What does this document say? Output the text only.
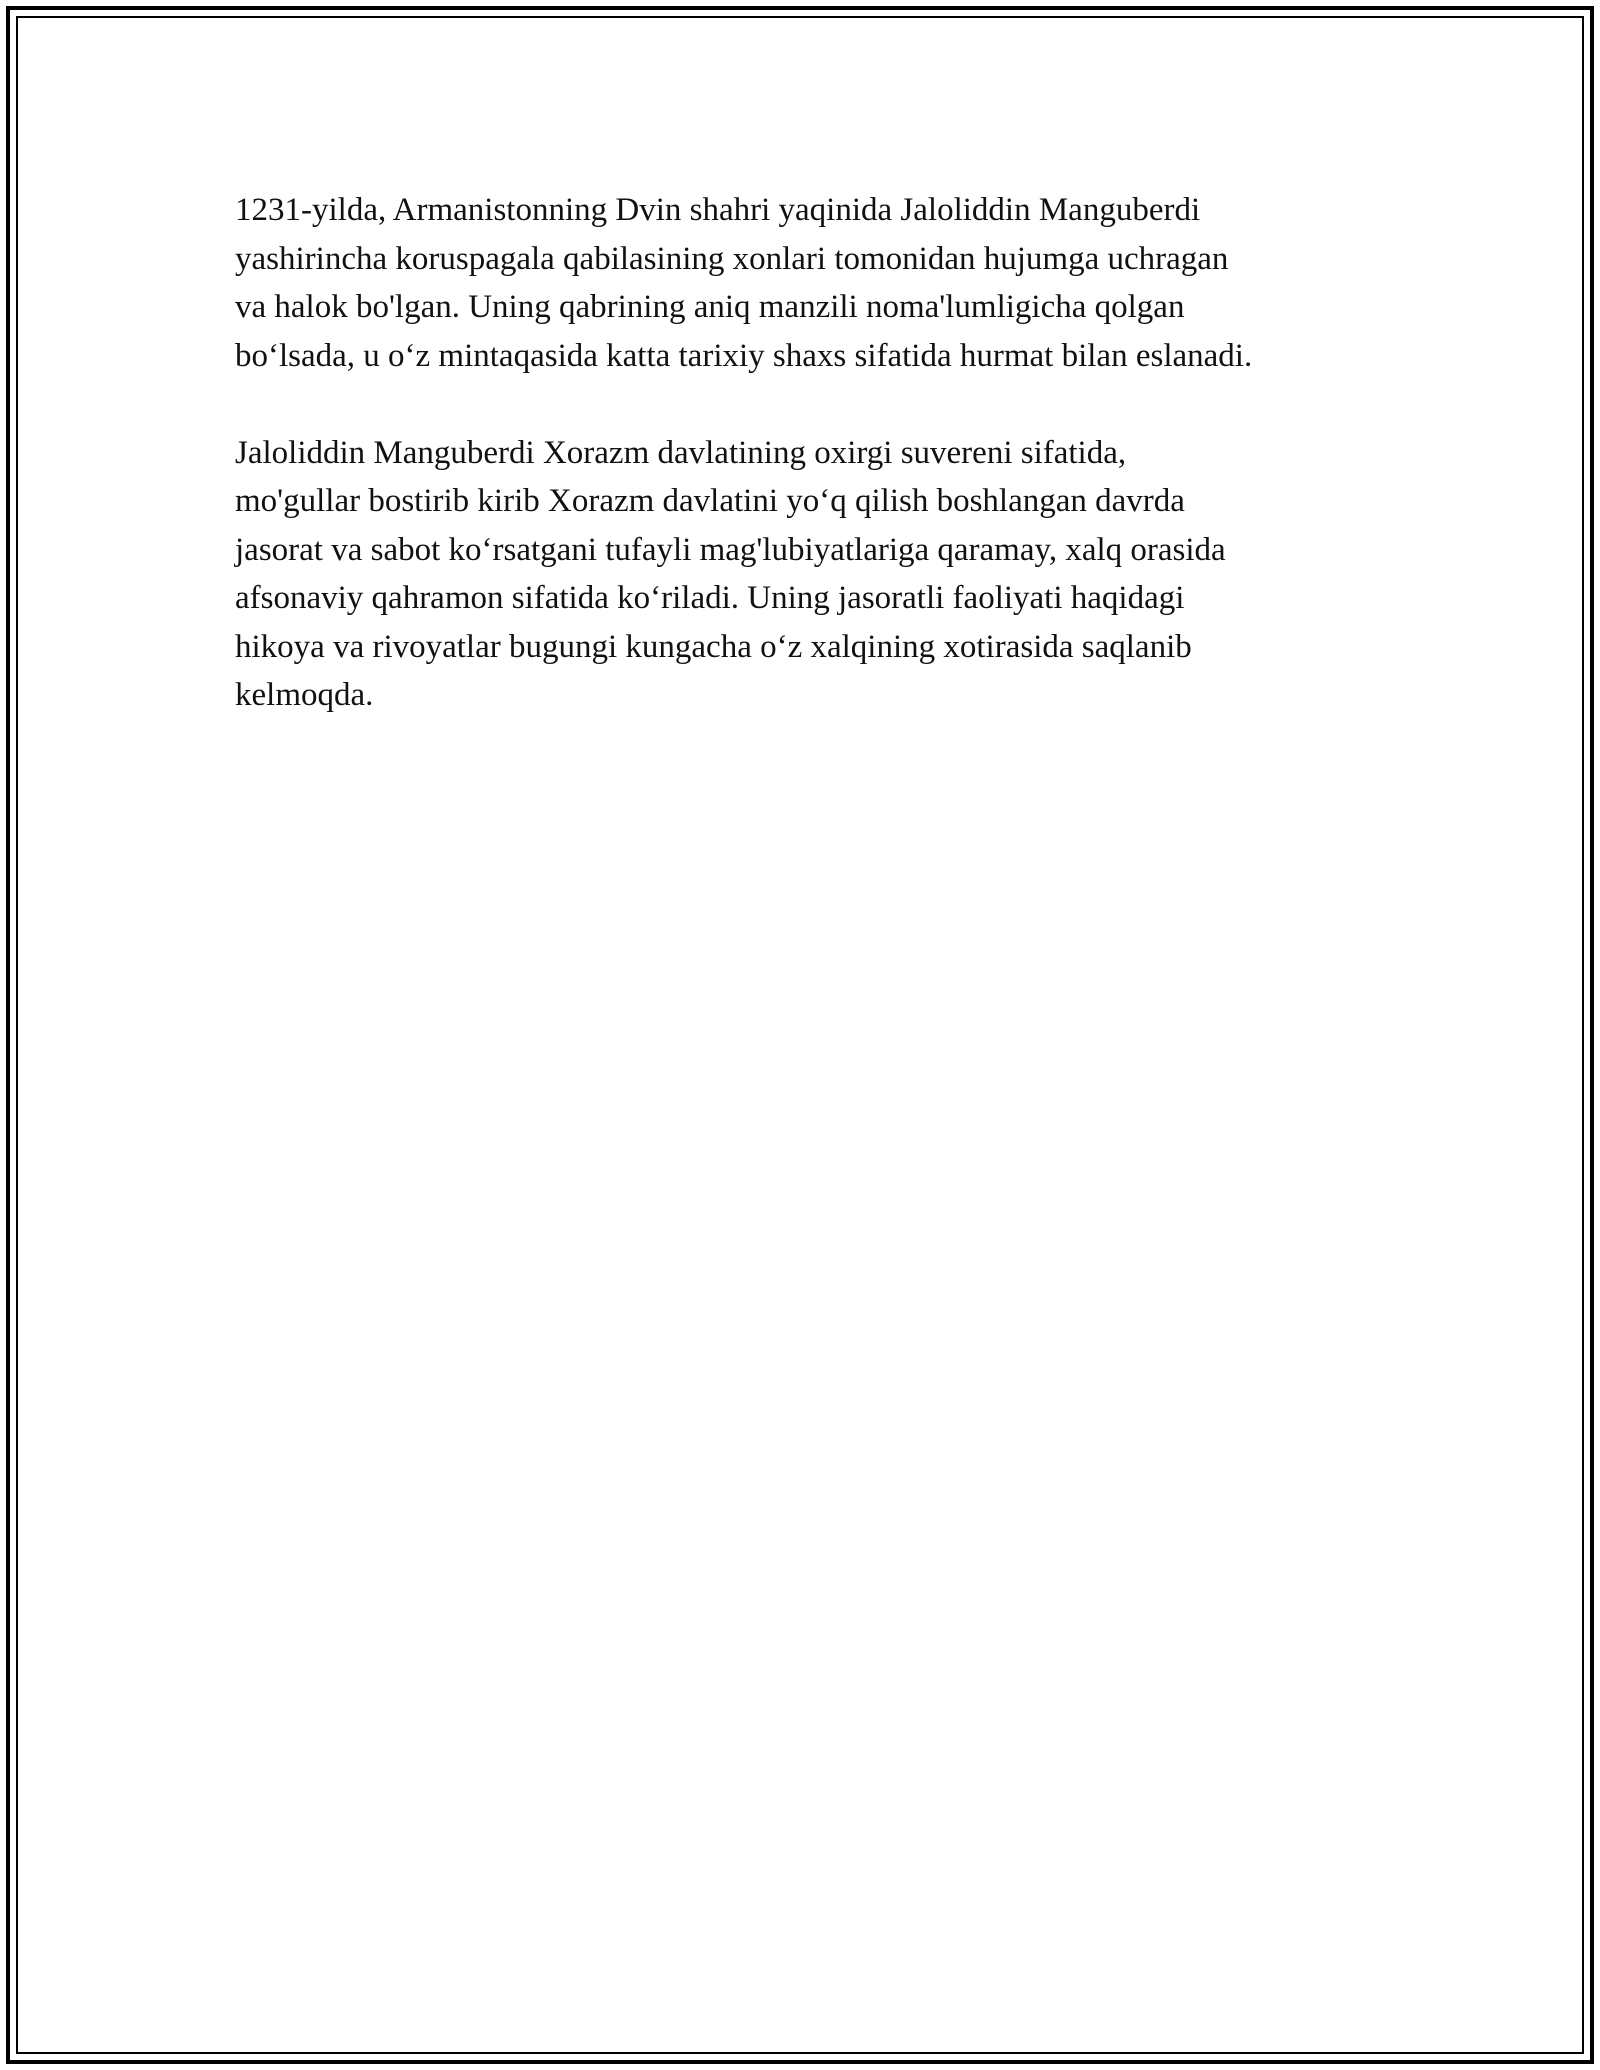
1231-yilda, Armanistonning Dvin shahri yaqinida Jaloliddin Manguberdi
yashirincha koruspagala qabilasining xonlari tomonidan hujumga uchragan
va halok bo'lgan. Uning qabrining aniq manzili noma'lumligicha qolgan
bo‘lsada, u o‘z mintaqasida katta tarixiy shaxs sifatida hurmat bilan eslanadi.

Jaloliddin Manguberdi Xorazm davlatining oxirgi suvereni sifatida,
mo'gullar bostirib kirib Xorazm davlatini yo‘q qilish boshlangan davrda
jasorat va sabot ko‘rsatgani tufayli mag'lubiyatlariga qaramay, xalq orasida
afsonaviy qahramon sifatida ko‘riladi. Uning jasoratli faoliyati haqidagi
hikoya va rivoyatlar bugungi kungacha o‘z xalqining xotirasida saqlanib
kelmoqda.
